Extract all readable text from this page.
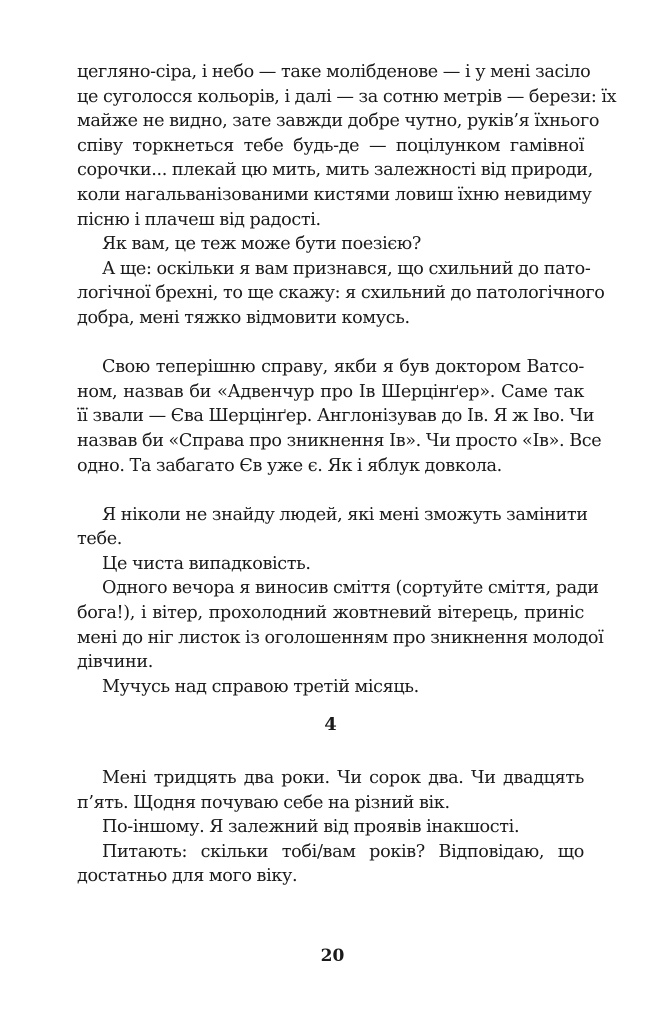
цегляно-сіра, і небо — таке молібденове — і у мені засіло
це суголосся кольорів, і далі — за сотню метрів — берези: їх
майже не видно, зате завжди добре чутно, руків’я їхнього
співу торкнеться тебе будь-де — поцілунком гамівної
сорочки... плекай цю мить, мить залежності від природи,
коли нагальванізованими кистями ловиш їхню невидиму
пісню і плачеш від радості.
Як вам, це теж може бути поезією?
А ще: оскільки я вам признався, що схильний до пато-
логічної брехні, то ще скажу: я схильний до патологічного
добра, мені тяжко відмовити комусь.
Свою теперішню справу, якби я був доктором Ватсо-
ном, назвав би «Адвенчур про Ів Шерцінґер». Саме так
її звали — Єва Шерцінґер. Англонізував до Ів. Я ж Іво. Чи
назвав би «Справа про зникнення Ів». Чи просто «Ів». Все
одно. Та забагато Єв уже є. Як і яблук довкола.
Я ніколи не знайду людей, які мені зможуть замінити
тебе.
Це чиста випадковість.
Одного вечора я виносив сміття (сортуйте сміття, ради
бога!), і вітер, прохолодний жовтневий вітерець, приніс
мені до ніг листок із оголошенням про зникнення молодої
дівчини.
Мучусь над справою третій місяць.
4
Мені тридцять два роки. Чи сорок два. Чи двадцять
п’ять. Щодня почуваю себе на різний вік.
По-іншому. Я залежний від проявів інакшості.
Питають: скільки тобі/вам років? Відповідаю, що
достатньо для мого віку.
20
